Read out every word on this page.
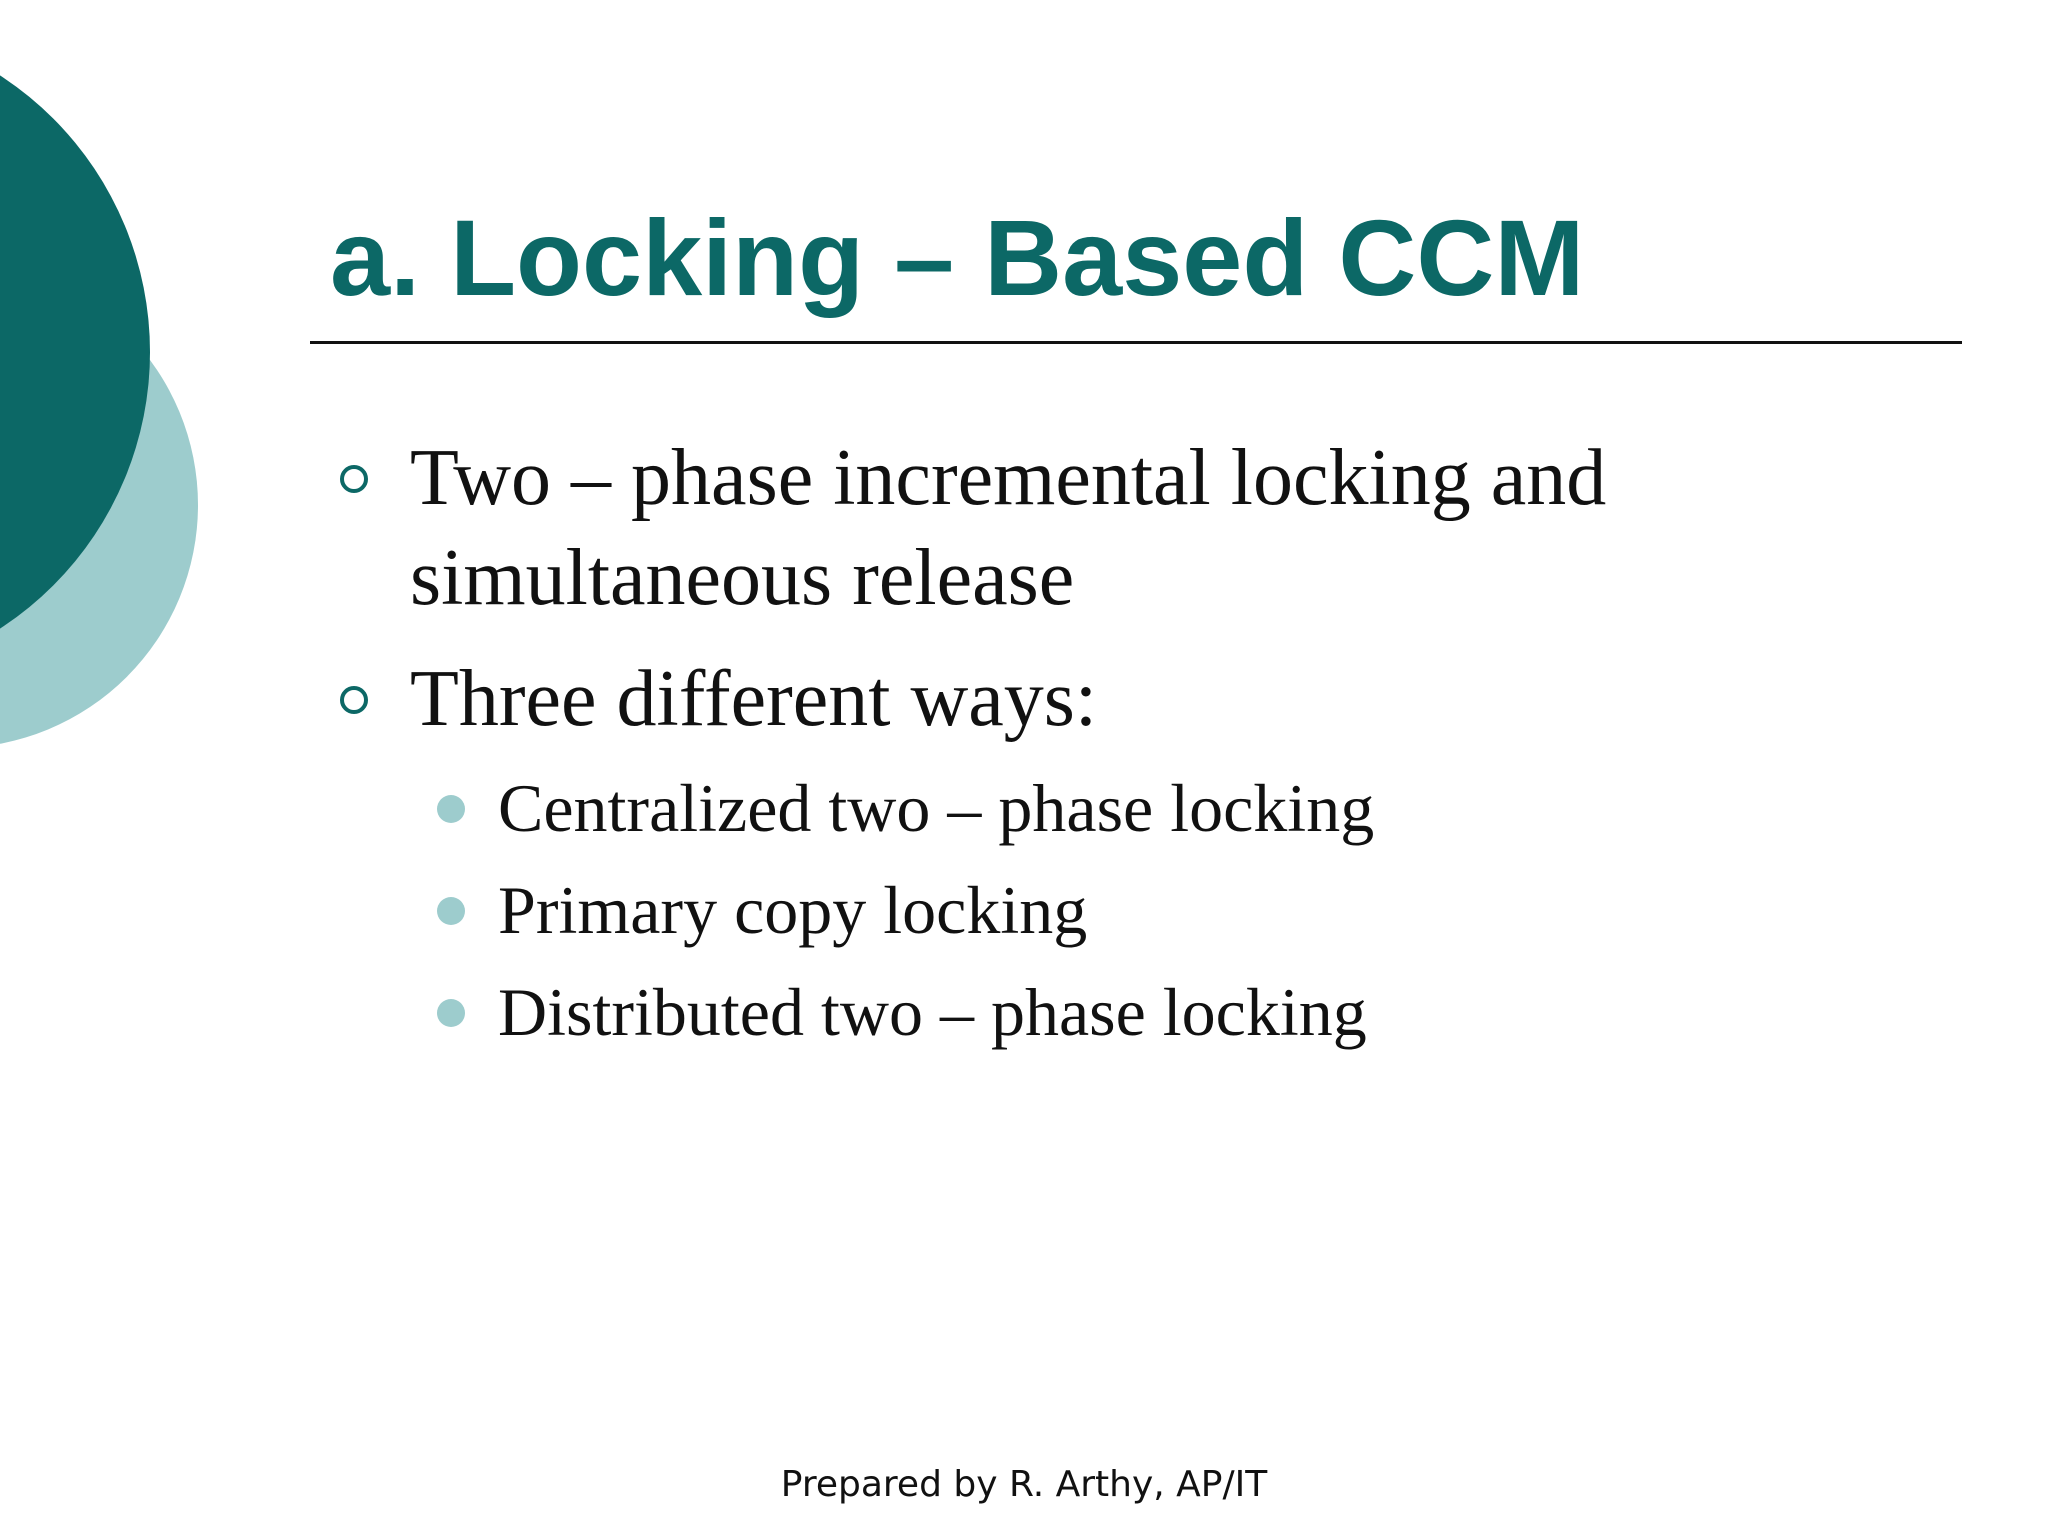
a. Locking – Based CCM
Two – phase incremental locking and
simultaneous release
Three different ways:
Centralized two – phase locking
Primary copy locking
Distributed two – phase locking
Prepared by R. Arthy, AP/IT
